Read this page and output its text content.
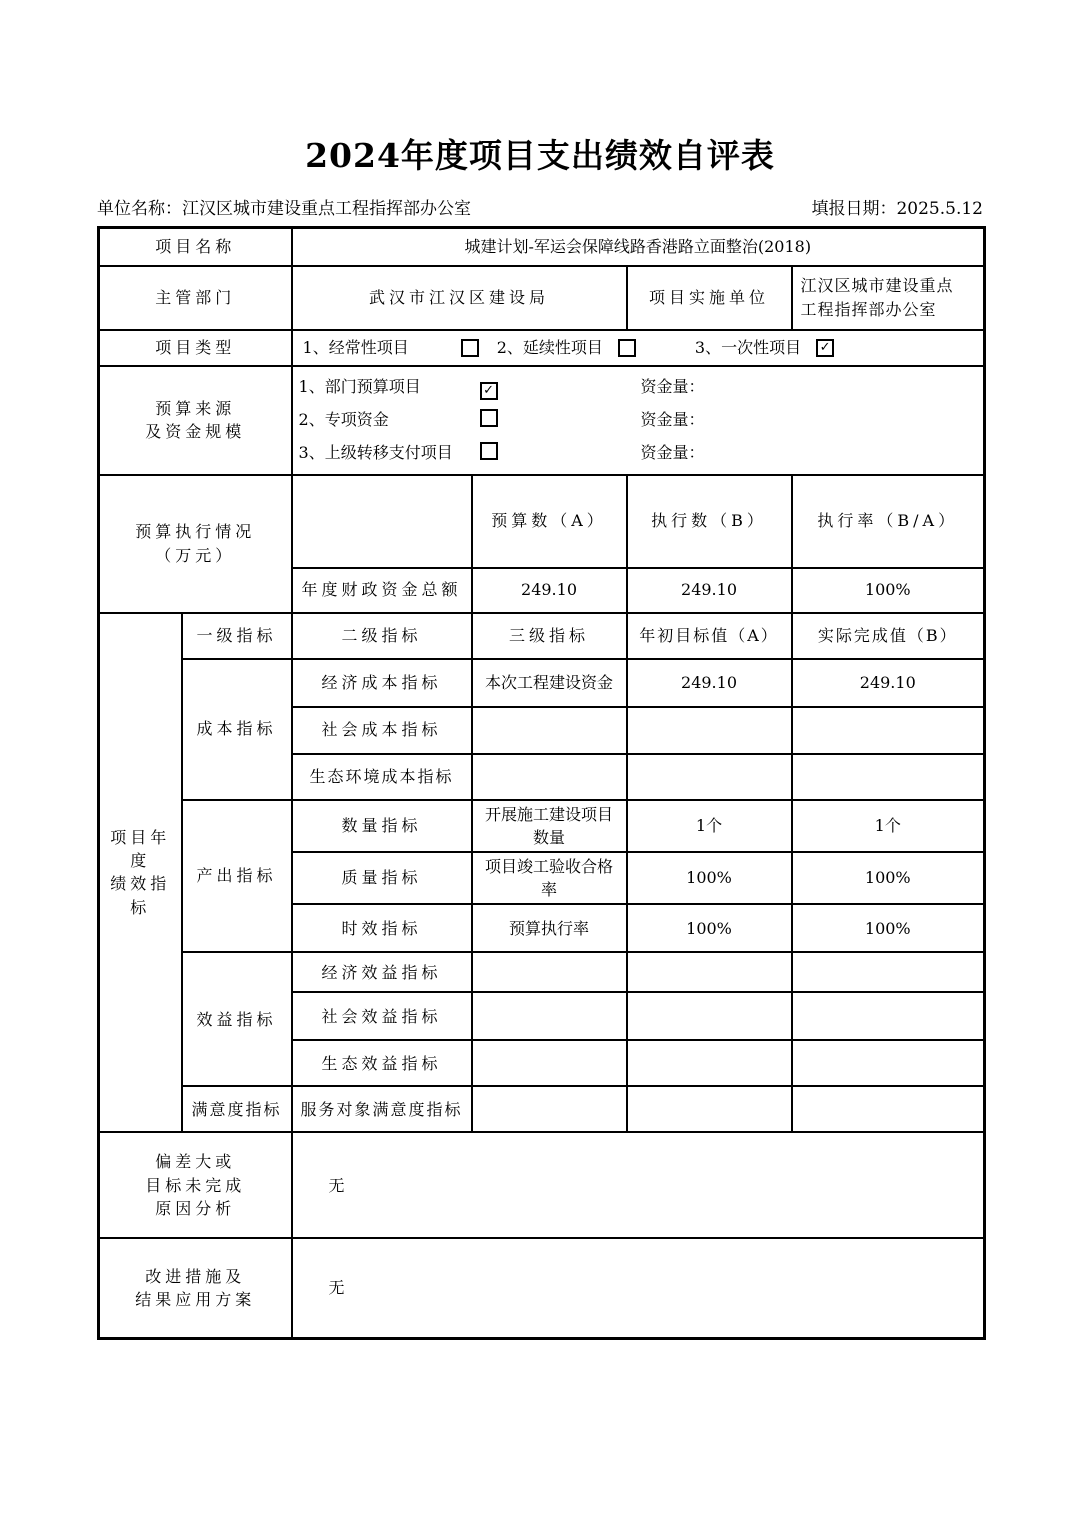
2024年度项目支出绩效自评表
单位名称：江汉区城市建设重点工程指挥部办公室	填报日期：2025.5.12
项目名称		城建计划-军运会保障线路香港路立面整治(2018)			
主管部门		武汉市江汉区建设局		项目实施单位	江汉区城市建设重点工程指挥部办公室
项目类型		1、经常性项目 2、延续性项目 3、一次性项目 ✓			

预算来源
及资金规模

1、部门预算项目	✓	资金量：
2、专项资金	资金量：
3、上级转移支付项目	资金量：

预算执行情况
（万元）			预算数（A）	执行数（B）	执行率（B/A）
		年度财政资金总额	249.10	249.10	100%

项目年度
绩效指标	一级指标	二级指标	三级指标	年初目标值（A）	实际完成值（B）
	成本指标	经济成本指标	本次工程建设资金	249.10	249.10
		社会成本指标			
		生态环境成本指标			
	产出指标	数量指标	开展施工建设项目数量	1个	1个
		质量指标	项目竣工验收合格率	100%	100%
		时效指标	预算执行率	100%	100%
	效益指标	经济效益指标			
		社会效益指标			
		生态效益指标			
	满意度指标	服务对象满意度指标			

偏差大或
目标未完成
原因分析		无			

改进措施及
结果应用方案		无			
